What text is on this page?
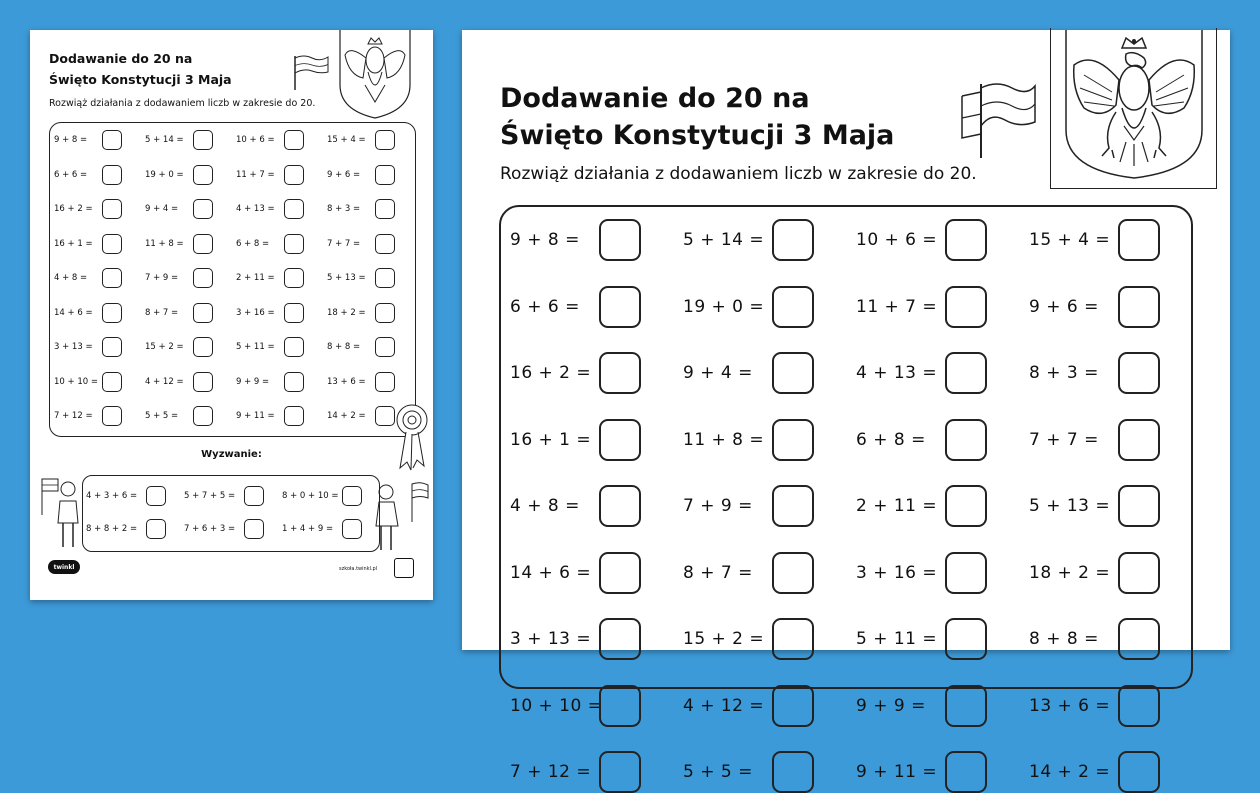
Dodawanie do 20 na
Święto Konstytucji 3 Maja
Rozwiąż działania z dodawaniem liczb w zakresie do 20.
Wyzwanie:
twinkl	szkoła.twinkl.pl
9 + 8 =	5 + 14 =	10 + 6 =	15 + 4 =
6 + 6 =	19 + 0 =	11 + 7 =	9 + 6 =
16 + 2 =	9 + 4 =	4 + 13 =	8 + 3 =
16 + 1 =	11 + 8 =	6 + 8 =	7 + 7 =
4 + 8 =	7 + 9 =	2 + 11 =	5 + 13 =
14 + 6 =	8 + 7 =	3 + 16 =	18 + 2 =
3 + 13 =	15 + 2 =	5 + 11 =	8 + 8 =
10 + 10 =	4 + 12 =	9 + 9 =	13 + 6 =
7 + 12 =	5 + 5 =	9 + 11 =	14 + 2 =
4 + 3 + 6 =	5 + 7 + 5 =	8 + 0 + 10 =
8 + 8 + 2 =	7 + 6 + 3 =	1 + 4 + 9 =
Dodawanie do 20 na
Święto Konstytucji 3 Maja
Rozwiąż działania z dodawaniem liczb w zakresie do 20.
9 + 8 =	5 + 14 =	10 + 6 =	15 + 4 =
6 + 6 =	19 + 0 =	11 + 7 =	9 + 6 =
16 + 2 =	9 + 4 =	4 + 13 =	8 + 3 =
16 + 1 =	11 + 8 =	6 + 8 =	7 + 7 =
4 + 8 =	7 + 9 =	2 + 11 =	5 + 13 =
14 + 6 =	8 + 7 =	3 + 16 =	18 + 2 =
3 + 13 =	15 + 2 =	5 + 11 =	8 + 8 =
10 + 10 =	4 + 12 =	9 + 9 =	13 + 6 =
7 + 12 =	5 + 5 =	9 + 11 =	14 + 2 =
